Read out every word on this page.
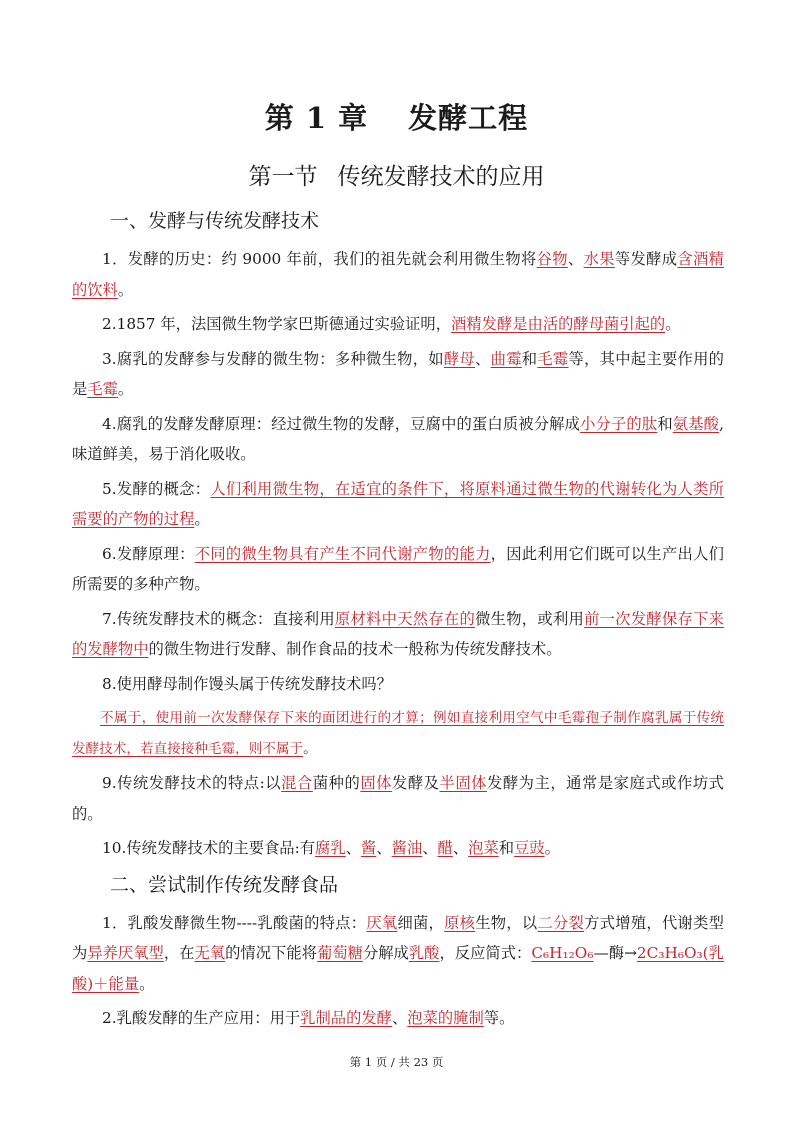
第 1 章 发酵工程
第一节 传统发酵技术的应用
一、发酵与传统发酵技术

1．发酵的历史：约 9000 年前，我们的祖先就会利用微生物将谷物、水果等发酵成含酒精的饮料。

2.1857 年，法国微生物学家巴斯德通过实验证明，酒精发酵是由活的酵母菌引起的。

3.腐乳的发酵参与发酵的微生物：多种微生物，如酵母、曲霉和毛霉等，其中起主要作用的是毛霉。

4.腐乳的发酵发酵原理：经过微生物的发酵，豆腐中的蛋白质被分解成小分子的肽和氨基酸,味道鲜美，易于消化吸收。

5.发酵的概念：人们利用微生物，在适宜的条件下，将原料通过微生物的代谢转化为人类所需要的产物的过程。

6.发酵原理：不同的微生物具有产生不同代谢产物的能力，因此利用它们既可以生产出人们所需要的多种产物。

7.传统发酵技术的概念：直接利用原材料中天然存在的微生物，或利用前一次发酵保存下来的发酵物中的微生物进行发酵、制作食品的技术一般称为传统发酵技术。

8.使用酵母制作馒头属于传统发酵技术吗？

不属于，使用前一次发酵保存下来的面团进行的才算；例如直接利用空气中毛霉孢子制作腐乳属于传统发酵技术，若直接接种毛霉，则不属于。

9.传统发酵技术的特点:以混合菌种的固体发酵及半固体发酵为主，通常是家庭式或作坊式的。

10.传统发酵技术的主要食品:有腐乳、酱、酱油、醋、泡菜和豆豉。

二、尝试制作传统发酵食品

1．乳酸发酵微生物----乳酸菌的特点：厌氧细菌，原核生物，以二分裂方式增殖，代谢类型为异养厌氧型，在无氧的情况下能将葡萄糖分解成乳酸，反应简式：C₆H₁₂O₆—酶→2C₃H₆O₃(乳酸)＋能量。

2.乳酸发酵的生产应用：用于乳制品的发酵、泡菜的腌制等。

第 1 页 / 共 23 页
